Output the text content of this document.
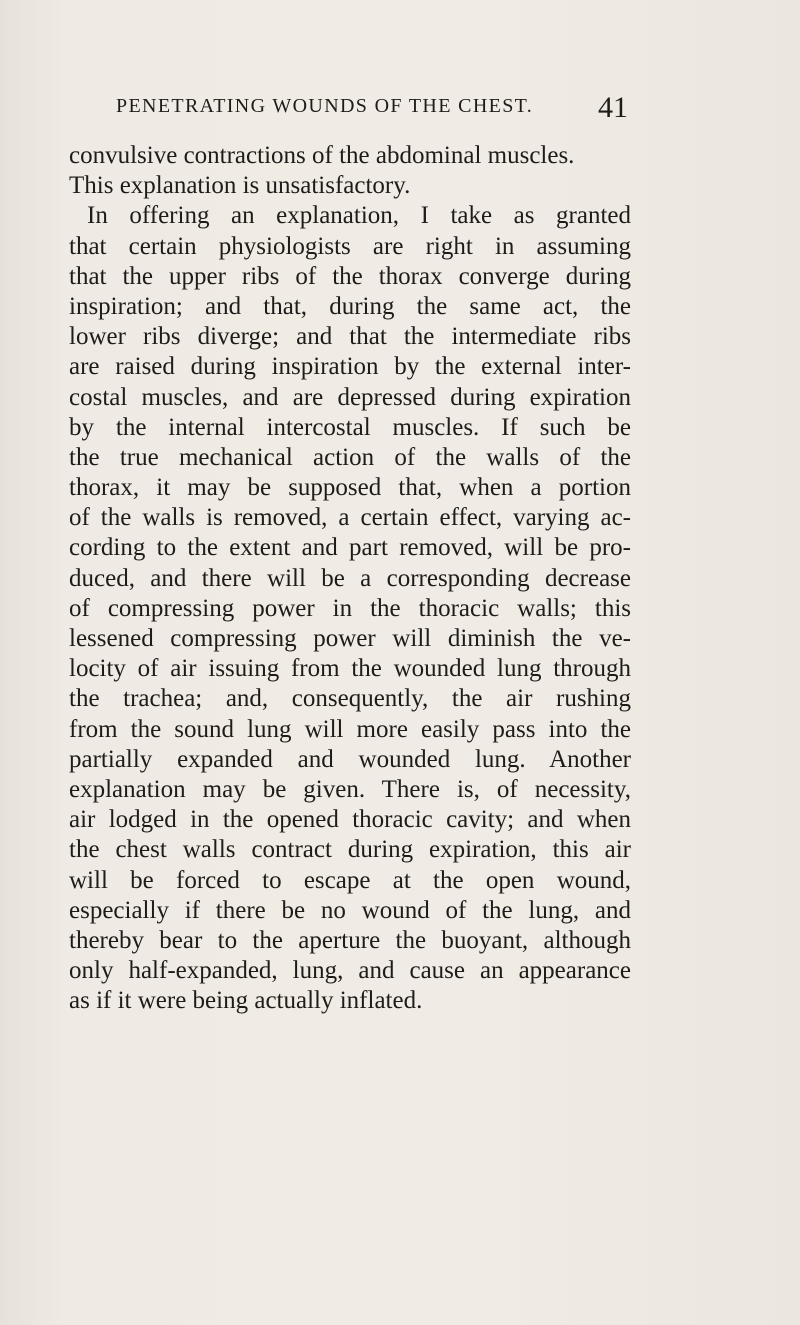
PENETRATING WOUNDS OF THE CHEST. 41
convulsive contractions of the abdominal muscles.
This explanation is unsatisfactory.
In offering an explanation, I take as granted
that certain physiologists are right in assuming
that the upper ribs of the thorax converge during
inspiration; and that, during the same act, the
lower ribs diverge; and that the intermediate ribs
are raised during inspiration by the external inter-
costal muscles, and are depressed during expiration
by the internal intercostal muscles. If such be
the true mechanical action of the walls of the
thorax, it may be supposed that, when a portion
of the walls is removed, a certain effect, varying ac-
cording to the extent and part removed, will be pro-
duced, and there will be a corresponding decrease
of compressing power in the thoracic walls; this
lessened compressing power will diminish the ve-
locity of air issuing from the wounded lung through
the trachea; and, consequently, the air rushing
from the sound lung will more easily pass into the
partially expanded and wounded lung. Another
explanation may be given. There is, of necessity,
air lodged in the opened thoracic cavity; and when
the chest walls contract during expiration, this air
will be forced to escape at the open wound,
especially if there be no wound of the lung, and
thereby bear to the aperture the buoyant, although
only half-expanded, lung, and cause an appearance
as if it were being actually inflated.
